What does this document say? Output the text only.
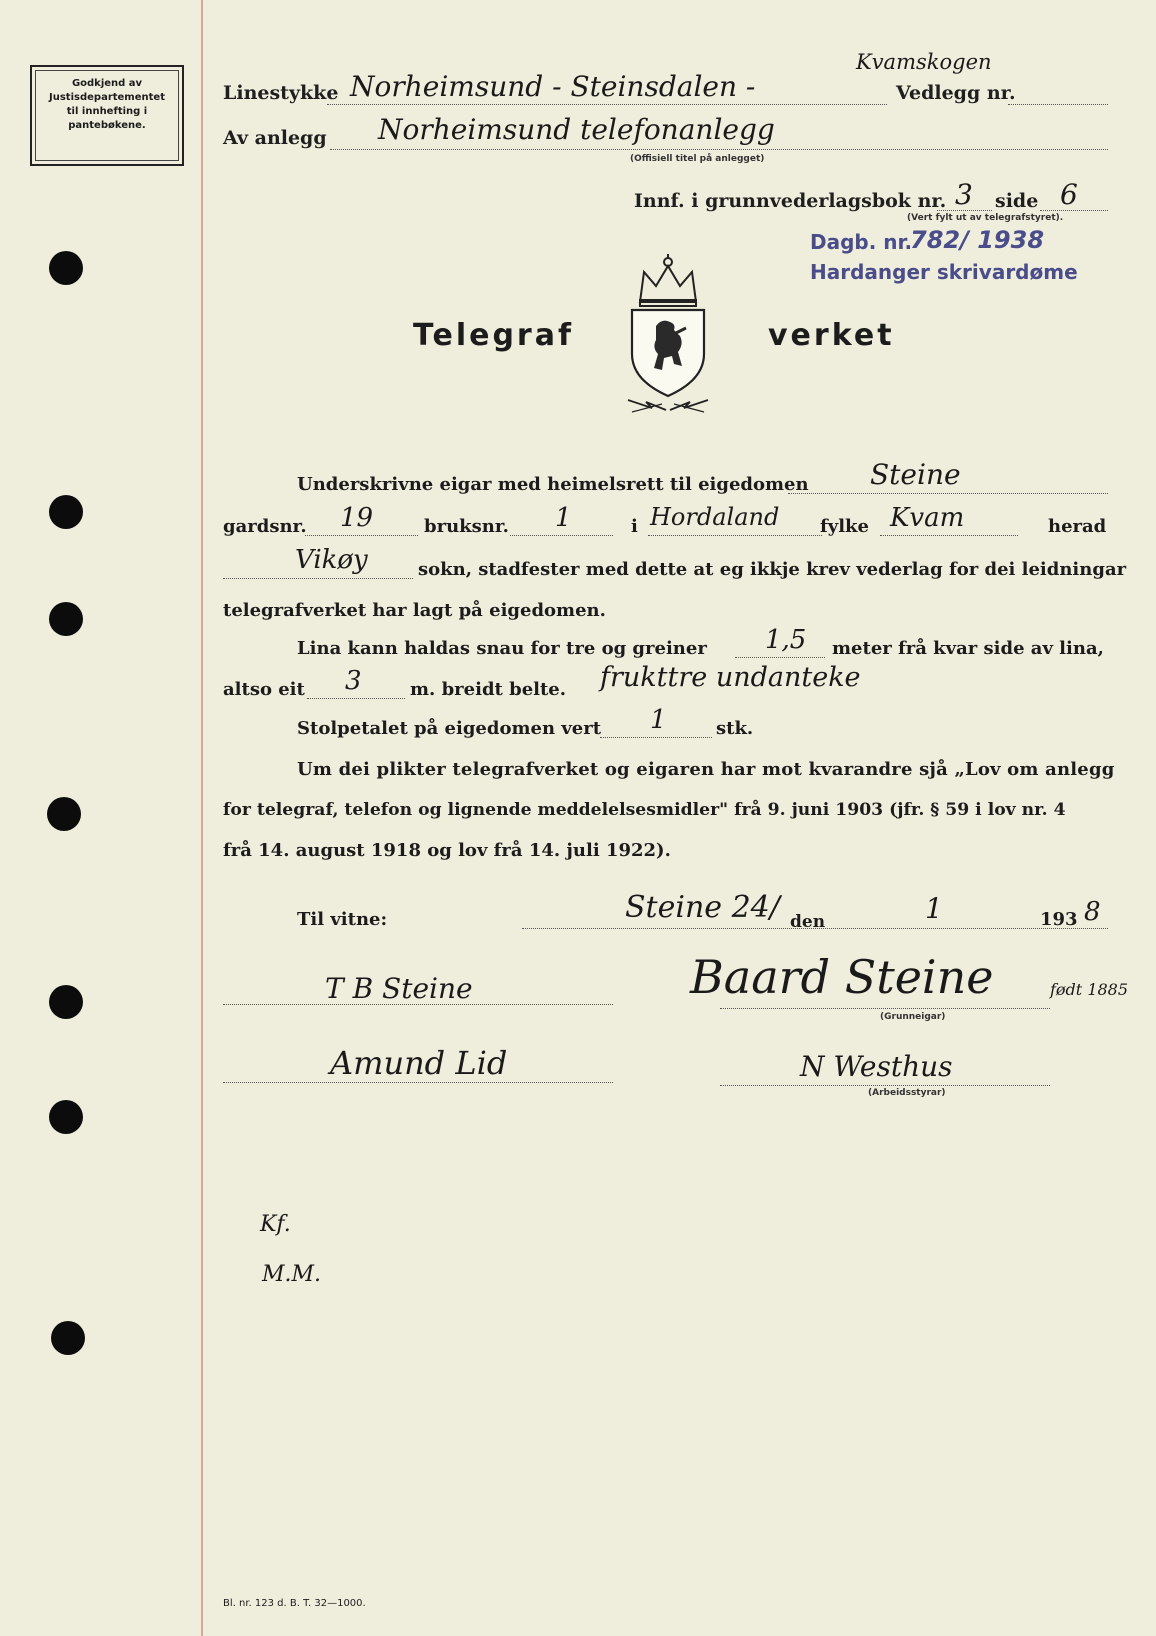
Godkjend av
Justisdepartementet
til innhefting i
pantebøkene.
Linestykke Norheimsund - Steinsdalen -
Kvamskogen
Vedlegg nr.
Av anlegg Norheimsund telefonanlegg
(Offisiell titel på anlegget)
Innf. i grunnvederlagsbok nr. 3 side 6
(Vert fylt ut av telegrafstyret).
Dagb. nr.
782/ 1938
Hardanger skrivardøme
Telegraf	verket
Underskrivne eigar med heimelsrett til eigedomen Steine
gardsnr. 19	bruksnr. 1	i Hordaland fylke Kvam	herad
Vikøy	sokn, stadfester med dette at eg ikkje krev vederlag for dei leidningar
telegrafverket har lagt på eigedomen.
Lina kann haldas snau for tre og greiner 1,5 meter frå kvar side av lina,
altso eit 3	m. breidt belte. frukttre undanteke
Stolpetalet på eigedomen vert 1	stk.
Um dei plikter telegrafverket og eigaren har mot kvarandre sjå „Lov om anlegg
for telegraf, telefon og lignende meddelelsesmidler" frå 9. juni 1903 (jfr. § 59 i lov nr. 4
frå 14. august 1918 og lov frå 14. juli 1922).
Til vitne:	Steine 24/ den	1	193 8
T B Steine	Baard Steine	født 1885
(Grunneigar)
Amund Lid	N Westhus
(Arbeidsstyrar)
Kf.
M.M.
Bl. nr. 123 d. B. T. 32—1000.
